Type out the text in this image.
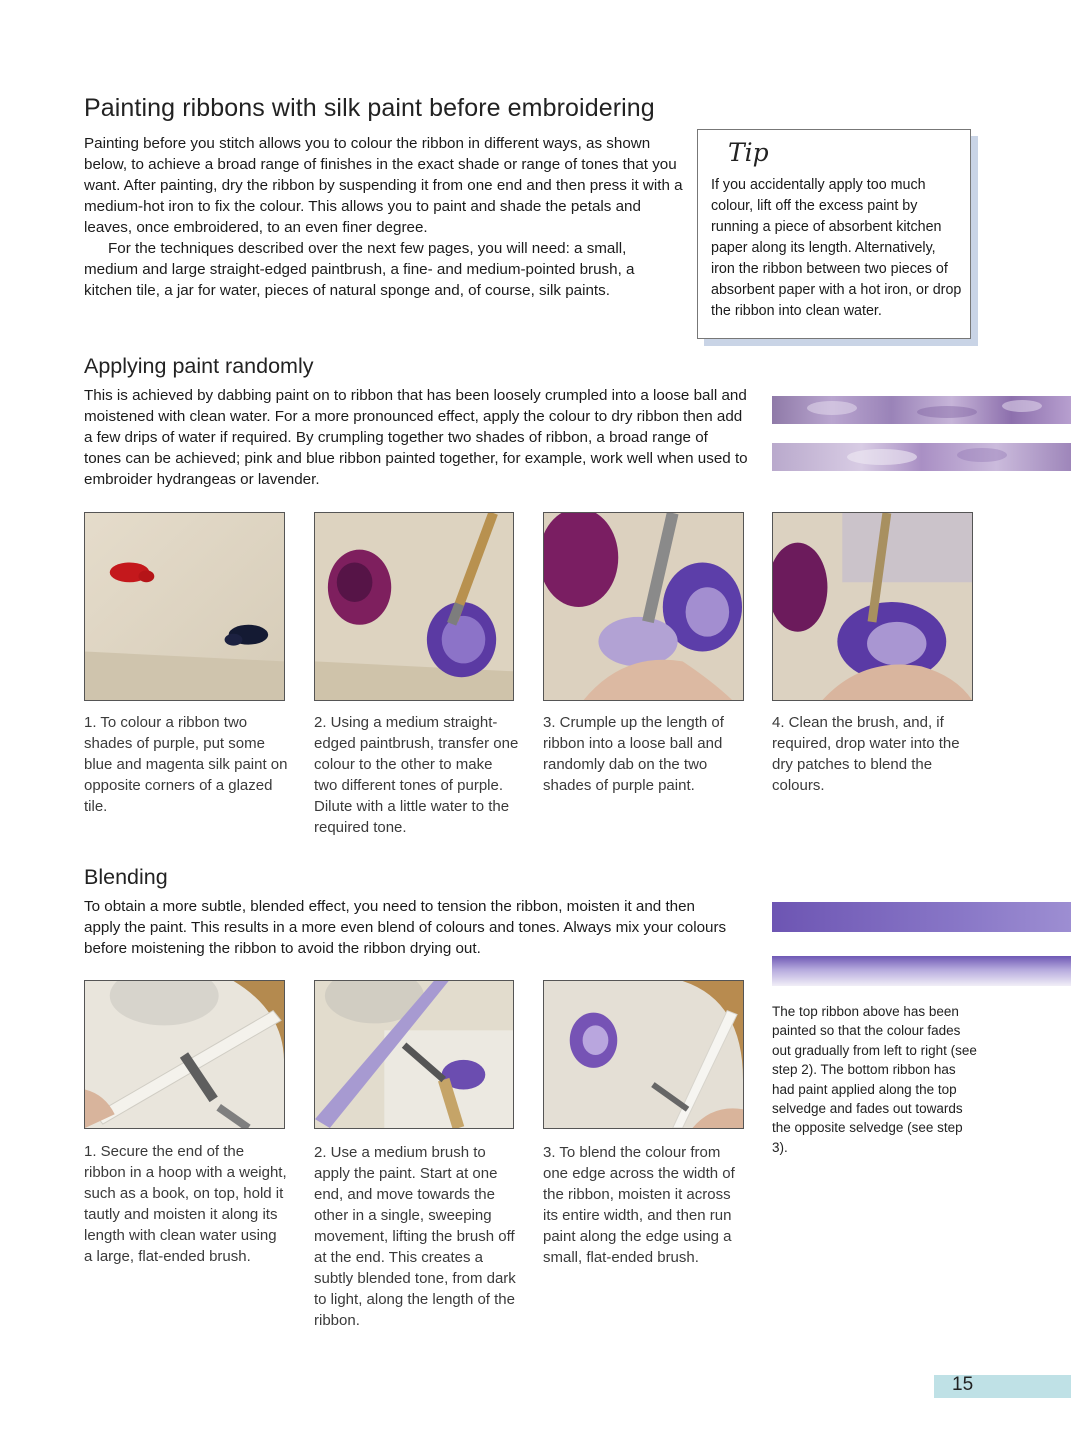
Painting ribbons with silk paint before embroidering

Painting before you stitch allows you to colour the ribbon in different ways, as shown below, to achieve a broad range of finishes in the exact shade or range of tones that you want. After painting, dry the ribbon by suspending it from one end and then press it with a medium-hot iron to fix the colour. This allows you to paint and shade the petals and leaves, once embroidered, to an even finer degree.

For the techniques described over the next few pages, you will need: a small, medium and large straight-edged paintbrush, a fine- and medium-pointed brush, a kitchen tile, a jar for water, pieces of natural sponge and, of course, silk paints.

Tip
If you accidentally apply too much colour, lift off the excess paint by running a piece of absorbent kitchen paper along its length. Alternatively, iron the ribbon between two pieces of absorbent paper with a hot iron, or drop the ribbon into clean water.
Applying paint randomly

This is achieved by dabbing paint on to ribbon that has been loosely crumpled into a loose ball and moistened with clean water. For a more pronounced effect, apply the colour to dry ribbon then add a few drips of water if required. By crumpling together two shades of ribbon, a broad range of tones can be achieved; pink and blue ribbon painted together, for example, work well when used to embroider hydrangeas or lavender.

1. To colour a ribbon two shades of purple, put some blue and magenta silk paint on opposite corners of a glazed tile.
2. Using a medium straight-edged paintbrush, transfer one colour to the other to make two different tones of purple. Dilute with a little water to the required tone.
3. Crumple up the length of ribbon into a loose ball and randomly dab on the two shades of purple paint.
4. Clean the brush, and, if required, drop water into the dry patches to blend the colours.
Blending

To obtain a more subtle, blended effect, you need to tension the ribbon, moisten it and then apply the paint. This results in a more even blend of colours and tones. Always mix your colours before moistening the ribbon to avoid the ribbon drying out.

1. Secure the end of the ribbon in a hoop with a weight, such as a book, on top, hold it tautly and moisten it along its length with clean water using a large, flat-ended brush.
2. Use a medium brush to apply the paint. Start at one end, and move towards the other in a single, sweeping movement, lifting the brush off at the end. This creates a subtly blended tone, from dark to light, along the length of the ribbon.
3. To blend the colour from one edge across the width of the ribbon, moisten it across its entire width, and then run paint along the edge using a small, flat-ended brush.
The top ribbon above has been painted so that the colour fades out gradually from left to right (see step 2). The bottom ribbon has had paint applied along the top selvedge and fades out towards the opposite selvedge (see step 3).
15
